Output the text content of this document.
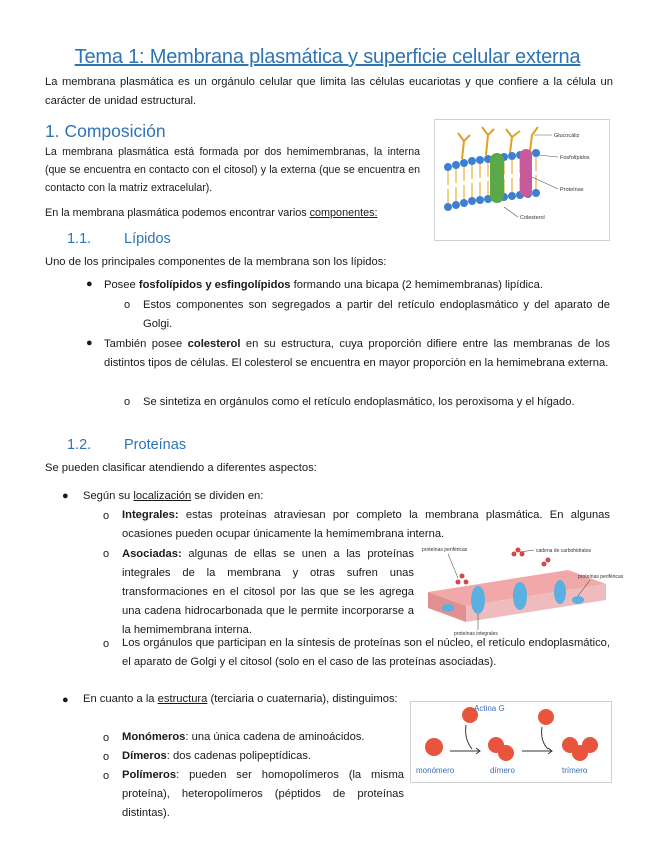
Tema 1: Membrana plasmática y superficie celular externa
La membrana plasmática es un orgánulo celular que limita las células eucariotas y que confiere a la célula un carácter de unidad estructural.
1. Composición
La membrana plasmática está formada por dos hemimembranas, la interna (que se encuentra en contacto con el citosol) y la externa (que se encuentra en contacto con la matriz extracelular).
En la membrana plasmática podemos encontrar varios componentes:
Glucocáliz
Fosfolípidos
Proteínas
Colesterol
1.1. Lípidos
Uno de los principales componentes de la membrana son los lípidos:
● Posee fosfolípidos y esfingolípidos formando una bicapa (2 hemimembranas) lipídica.
o Estos componentes son segregados a partir del retículo endoplasmático y del aparato de Golgi.
● También posee colesterol en su estructura, cuya proporción difiere entre las membranas de los distintos tipos de células. El colesterol se encuentra en mayor proporción en la hemimebrana externa.
o Se sintetiza en orgánulos como el retículo endoplasmático, los peroxisoma y el hígado.
1.2. Proteínas
Se pueden clasificar atendiendo a diferentes aspectos:
● Según su localización se dividen en:
o Integrales: estas proteínas atraviesan por completo la membrana plasmática. En algunas ocasiones pueden ocupar únicamente la hemimembrana interna.
o Asociadas: algunas de ellas se unen a las proteínas integrales de la membrana y otras sufren unas transformaciones en el citosol por las que se les agrega una cadena hidrocarbonada que le permite incorporarse a la hemimembrana interna.
proteínas periféricas	cadena de carbohidratos
proteínas periféricas
proteínas integrales
o Los orgánulos que participan en la síntesis de proteínas son el núcleo, el retículo endoplasmático, el aparato de Golgi y el citosol (solo en el caso de las proteínas asociadas).
● En cuanto a la estructura (terciaria o cuaternaria), distinguimos:
o Monómeros: una única cadena de aminoácidos.
o Dímeros: dos cadenas polipeptídicas.
o Polímeros: pueden ser homopolímeros (la misma proteína), heteropolímeros (péptidos de proteínas distintas).
Actina G
monómero	dímero	trímero
